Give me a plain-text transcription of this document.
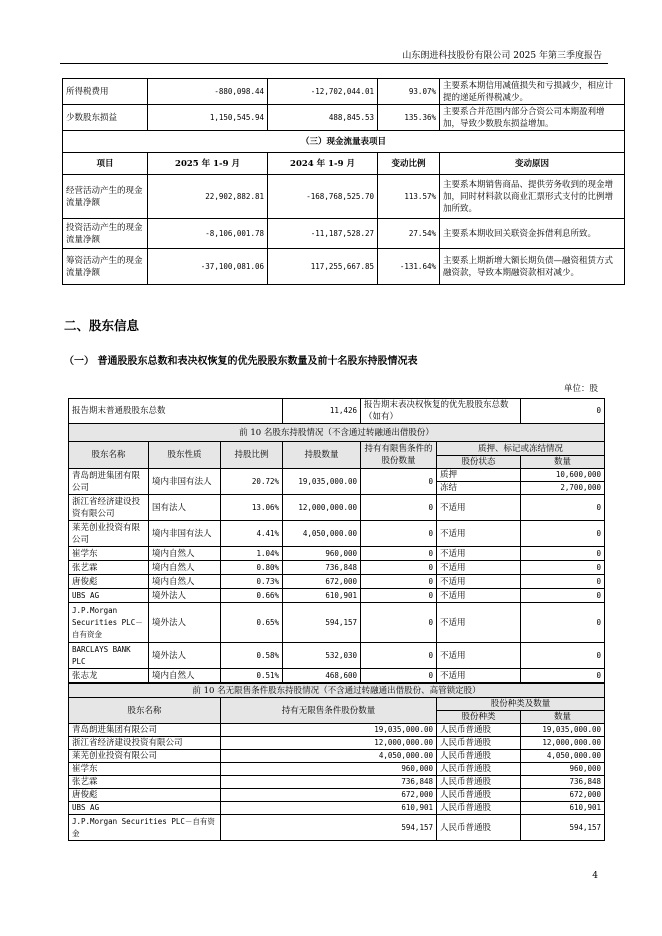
山东朗进科技股份有限公司 2025 年第三季度报告
所得税费用	-880,098.44	-12,702,044.01	93.07%	主要系本期信用减值损失和亏损减少，相应计提的递延所得税减少。
少数股东损益	1,150,545.94	488,845.53	135.36%	主要系合并范围内部分合资公司本期盈利增加，导致少数股东损益增加。
（三）现金流量表项目				
项目	2025 年 1-9 月	2024 年 1-9 月	变动比例	变动原因
经营活动产生的现金流量净额	22,902,882.81	-168,768,525.70	113.57%	主要系本期销售商品、提供劳务收到的现金增加，同时材料款以商业汇票形式支付的比例增加所致。
投资活动产生的现金流量净额	-8,106,001.78	-11,187,528.27	27.54%	主要系本期收回关联资金拆借利息所致。
筹资活动产生的现金流量净额	-37,100,081.06	117,255,667.85	-131.64%	主要系上期新增大额长期负债—融资租赁方式融资款，导致本期融资款相对减少。
二、股东信息
（一） 普通股股东总数和表决权恢复的优先股股东数量及前十名股东持股情况表
单位：股
报告期末普通股股东总数			11,426	报告期末表决权恢复的优先股股东总数（如有）		0
前 10 名股东持股情况（不含通过转融通出借股份）						
股东名称	股东性质	持股比例	持股数量	持有有限售条件的股份数量	质押、标记或冻结情况	
					股份状态	数量
青岛朗进集团有限公司	境内非国有法人	20.72%	19,035,000.00	0	质押	10,600,000
					冻结	2,700,000
浙江省经济建设投资有限公司	国有法人	13.06%	12,000,000.00	0	不适用	0
莱芜创业投资有限公司	境内非国有法人	4.41%	4,050,000.00	0	不适用	0
崔学东	境内自然人	1.04%	960,000	0	不适用	0
张艺霖	境内自然人	0.80%	736,848	0	不适用	0
唐俊彪	境内自然人	0.73%	672,000	0	不适用	0
UBS AG	境外法人	0.66%	610,901	0	不适用	0
J.P.Morgan Securities PLC－自有资金	境外法人	0.65%	594,157	0	不适用	0
BARCLAYS BANK PLC	境外法人	0.58%	532,030	0	不适用	0
张志龙	境内自然人	0.51%	468,600	0	不适用	0
前 10 名无限售条件股东持股情况（不含通过转融通出借股份、高管锁定股）			
股东名称	持有无限售条件股份数量	股份种类及数量	
		股份种类	数量
青岛朗进集团有限公司	19,035,000.00	人民币普通股	19,035,000.00
浙江省经济建设投资有限公司	12,000,000.00	人民币普通股	12,000,000.00
莱芜创业投资有限公司	4,050,000.00	人民币普通股	4,050,000.00
崔学东	960,000	人民币普通股	960,000
张艺霖	736,848	人民币普通股	736,848
唐俊彪	672,000	人民币普通股	672,000
UBS AG	610,901	人民币普通股	610,901
J.P.Morgan Securities PLC－自有资金	594,157	人民币普通股	594,157
4
